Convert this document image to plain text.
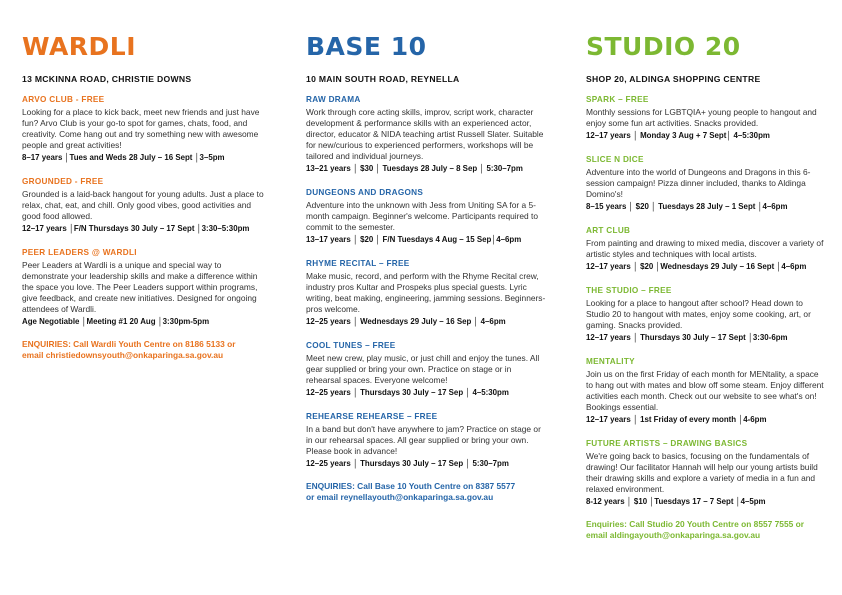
WARDLI
13 MCKINNA ROAD, CHRISTIE DOWNS
ARVO CLUB - FREE

Looking for a place to kick back, meet new friends and just have fun? Arvo Club is your go-to spot for games, chats, food, and creativity. Come hang out and try something new with awesome people and great activities!

8–17 years │Tues and Weds 28 July – 16 Sept │3–5pm
GROUNDED - FREE

Grounded is a laid-back hangout for young adults. Just a place to relax, chat, eat, and chill. Only good vibes, good activities and good food allowed.

12–17 years │F/N Thursdays 30 July – 17 Sept │3:30–5:30pm
PEER LEADERS @ WARDLI

Peer Leaders at Wardli is a unique and special way to demonstrate your leadership skills and make a difference within the space you love. The Peer Leaders support within programs, give feedback, and create new initiatives. Designed for ongoing attendees of Wardli.

Age Negotiable │Meeting #1 20 Aug │3:30pm-5pm
ENQUIRIES: Call Wardli Youth Centre on 8186 5133 or
email christiedownsyouth@onkaparinga.sa.gov.au
BASE 10
10 MAIN SOUTH ROAD, REYNELLA
RAW DRAMA

Work through core acting skills, improv, script work, character development & performance skills with an experienced actor, director, educator & NIDA teaching artist Russell Slater. Suitable for new/curious to experienced performers, workshops will be tailored and individual journeys.

13–21 years │ $30 │ Tuesdays 28 July – 8 Sep │ 5:30–7pm
DUNGEONS AND DRAGONS

Adventure into the unknown with Jess from Uniting SA for a 5-month campaign. Beginner's welcome. Participants required to commit to the semester.

13–17 years │ $20 │ F/N Tuesdays 4 Aug – 15 Sep│4–6pm
RHYME RECITAL – FREE

Make music, record, and perform with the Rhyme Recital crew, industry pros Kultar and Prospeks plus special guests. Lyric writing, beat making, engineering, jamming sessions. Beginners-pros welcome.

12–25 years │ Wednesdays 29 July – 16 Sep │ 4–6pm
COOL TUNES – FREE

Meet new crew, play music, or just chill and enjoy the tunes. All gear supplied or bring your own. Practice on stage or in rehearsal spaces. Everyone welcome!

12–25 years │ Thursdays 30 July – 17 Sep │ 4–5:30pm
REHEARSE REHEARSE – FREE

In a band but don't have anywhere to jam? Practice on stage or in our rehearsal spaces. All gear supplied or bring your own. Please book in advance!

12–25 years │ Thursdays 30 July – 17 Sep │ 5:30–7pm
ENQUIRIES: Call Base 10 Youth Centre on 8387 5577
or email reynellayouth@onkaparinga.sa.gov.au
STUDIO 20
SHOP 20, ALDINGA SHOPPING CENTRE
SPARK – FREE

Monthly sessions for LGBTQIA+ young people to hangout and enjoy some fun art activities. Snacks provided.

12–17 years │ Monday 3 Aug + 7 Sept│ 4–5:30pm
SLICE N DICE

Adventure into the world of Dungeons and Dragons in this 6-session campaign! Pizza dinner included, thanks to Aldinga Domino's!

8–15 years │ $20 │ Tuesdays 28 July – 1 Sept │4–6pm
ART CLUB

From painting and drawing to mixed media, discover a variety of artistic styles and techniques with local artists.

12–17 years │ $20 │Wednesdays 29 July – 16 Sept │4–6pm
THE STUDIO – FREE

Looking for a place to hangout after school? Head down to Studio 20 to hangout with mates, enjoy some cooking, art, or gaming. Snacks provided.

12–17 years │ Thursdays 30 July – 17 Sept │3:30-6pm
MENTALITY

Join us on the first Friday of each month for MENtality, a space to hang out with mates and blow off some steam. Enjoy different activities each month. Check out our website to see what's on! Bookings essential.

12–17 years │ 1st Friday of every month │4-6pm
FUTURE ARTISTS – DRAWING BASICS

We're going back to basics, focusing on the fundamentals of drawing! Our facilitator Hannah will help our young artists build their drawing skills and explore a variety of media in a fun and relaxed environment.

8-12 years │ $10 │Tuesdays 17 – 7 Sept │4–5pm
Enquiries: Call Studio 20 Youth Centre on 8557 7555 or
email aldingayouth@onkaparinga.sa.gov.au
